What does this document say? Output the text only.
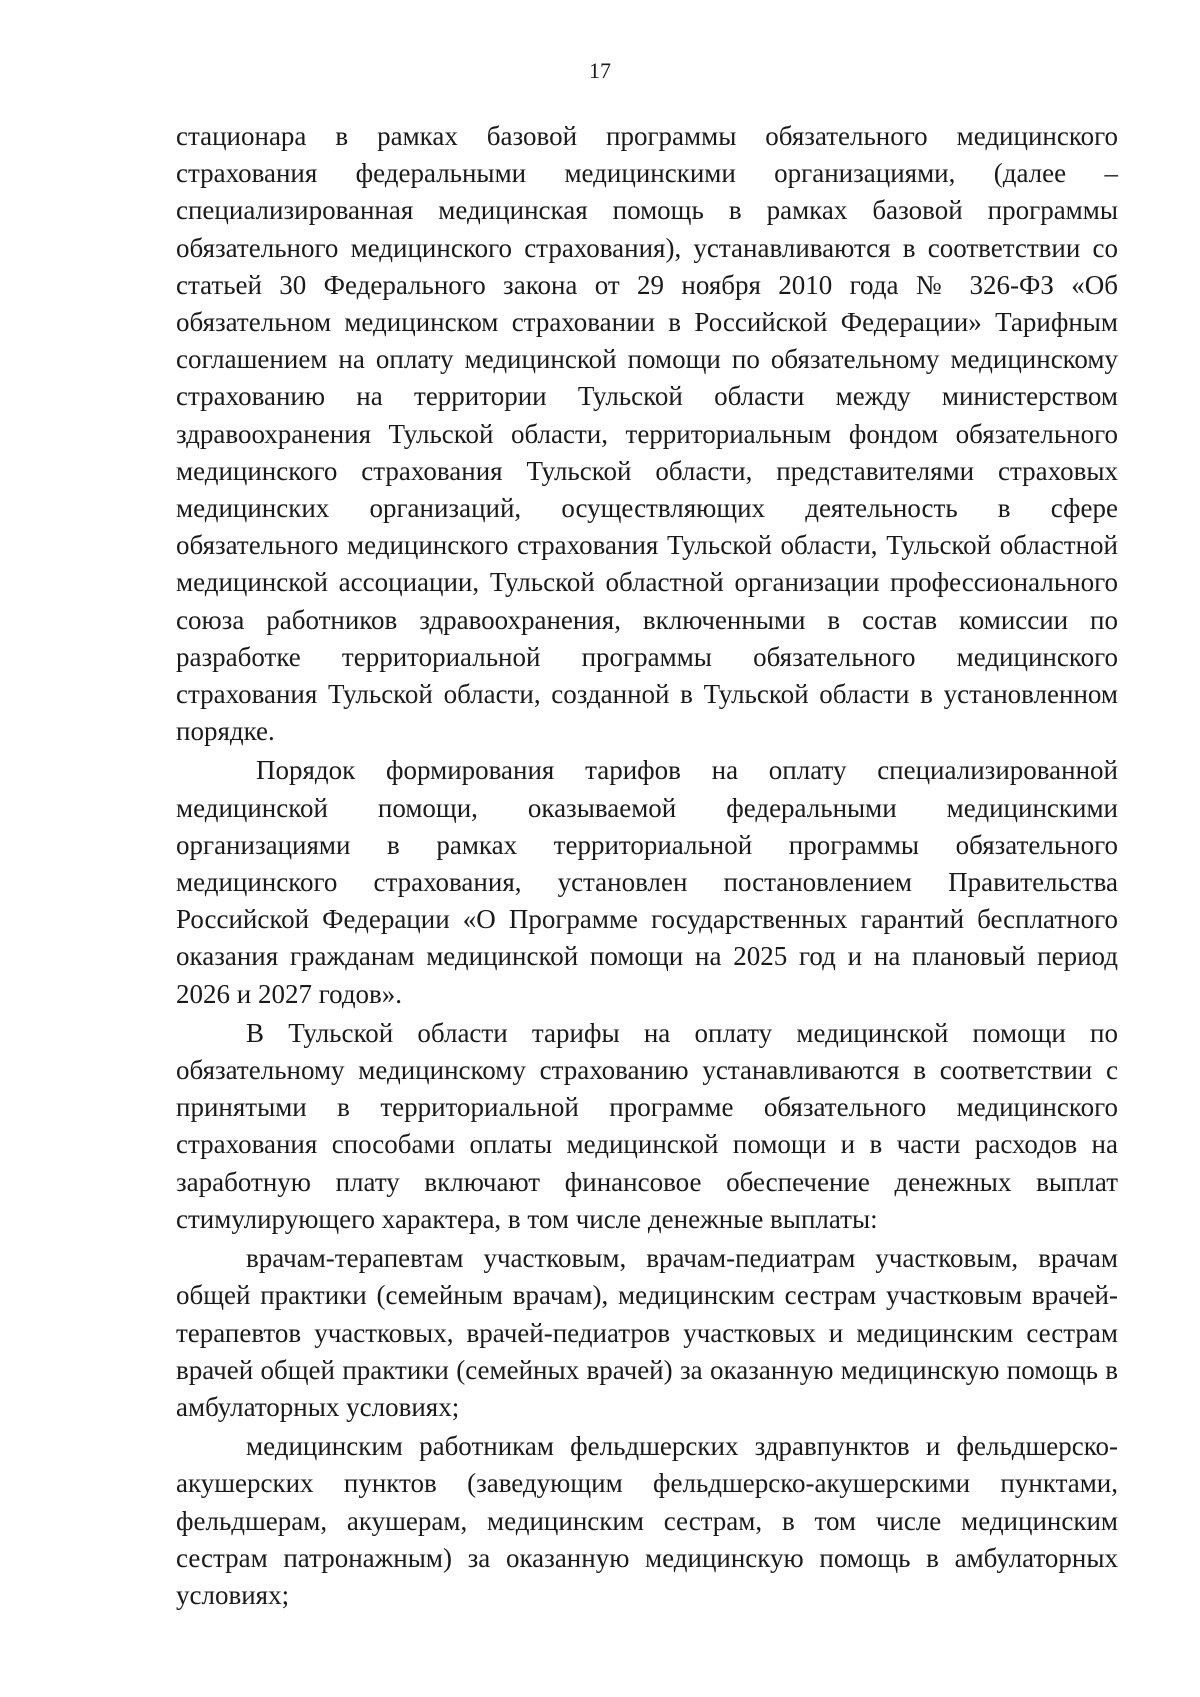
17

стационара в рамках базовой программы обязательного медицинского страхования федеральными медицинскими организациями, (далее – специализированная медицинская помощь в рамках базовой программы обязательного медицинского страхования), устанавливаются в соответствии со статьей 30 Федерального закона от 29 ноября 2010 года № 326-ФЗ «Об обязательном медицинском страховании в Российской Федерации» Тарифным соглашением на оплату медицинской помощи по обязательному медицинскому страхованию на территории Тульской области между министерством здравоохранения Тульской области, территориальным фондом обязательного медицинского страхования Тульской области, представителями страховых медицинских организаций, осуществляющих деятельность в сфере обязательного медицинского страхования Тульской области, Тульской областной медицинской ассоциации, Тульской областной организации профессионального союза работников здравоохранения, включенными в состав комиссии по разработке территориальной программы обязательного медицинского страхования Тульской области, созданной в Тульской области в установленном порядке.

Порядок формирования тарифов на оплату специализированной медицинской помощи, оказываемой федеральными медицинскими организациями в рамках территориальной программы обязательного медицинского страхования, установлен постановлением Правительства Российской Федерации «О Программе государственных гарантий бесплатного оказания гражданам медицинской помощи на 2025 год и на плановый период 2026 и 2027 годов».

В Тульской области тарифы на оплату медицинской помощи по обязательному медицинскому страхованию устанавливаются в соответствии с принятыми в территориальной программе обязательного медицинского страхования способами оплаты медицинской помощи и в части расходов на заработную плату включают финансовое обеспечение денежных выплат стимулирующего характера, в том числе денежные выплаты:

врачам-терапевтам участковым, врачам-педиатрам участковым, врачам общей практики (семейным врачам), медицинским сестрам участковым врачей-терапевтов участковых, врачей-педиатров участковых и медицинским сестрам врачей общей практики (семейных врачей) за оказанную медицинскую помощь в амбулаторных условиях;

медицинским работникам фельдшерских здравпунктов и фельдшерско-акушерских пунктов (заведующим фельдшерско-акушерскими пунктами, фельдшерам, акушерам, медицинским сестрам, в том числе медицинским сестрам патронажным) за оказанную медицинскую помощь в амбулаторных условиях;
